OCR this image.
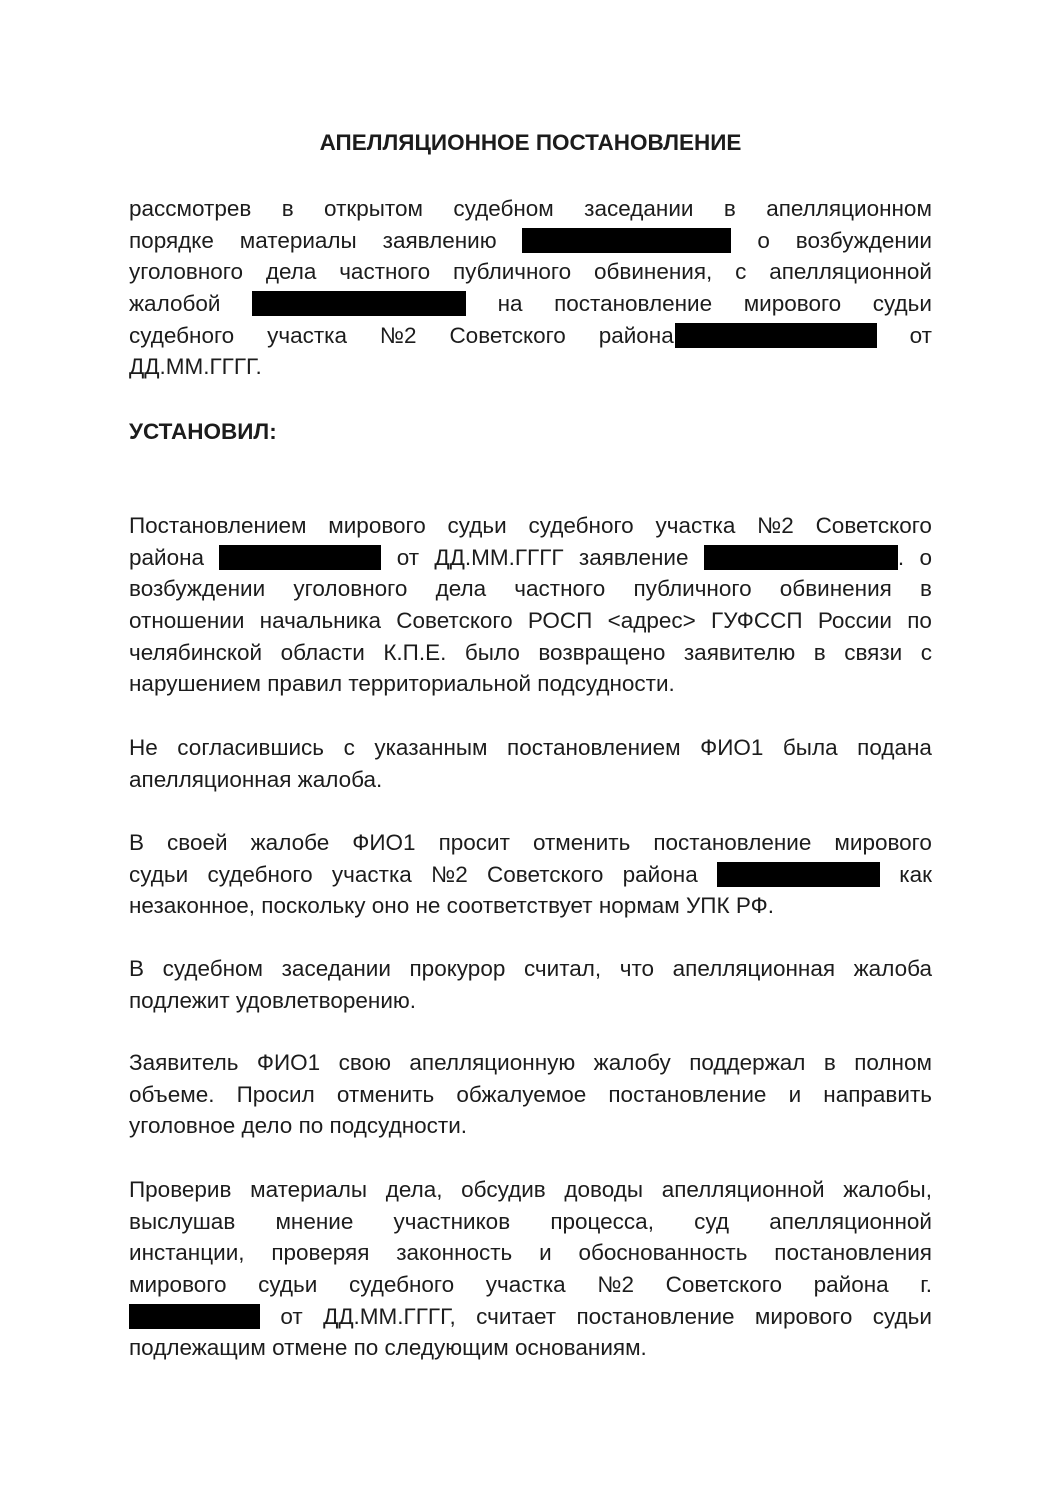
АПЕЛЛЯЦИОННОЕ ПОСТАНОВЛЕНИЕ
рассмотрев в открытом судебном заседании в апелляционном
порядке материалы заявлению	о возбуждении
уголовного дела частного публичного обвинения, с апелляционной
жалобой	на постановление мирового судьи
судебного участка №2 Советского района	от
ДД.ММ.ГГГГ.
УСТАНОВИЛ:
Постановлением мирового судьи судебного участка №2 Советского
района	от ДД.ММ.ГГГГ заявление	. о
возбуждении уголовного дела частного публичного обвинения в
отношении начальника Советского РОСП <адрес> ГУФССП России по
челябинской области К.П.Е. было возвращено заявителю в связи с
нарушением правил территориальной подсудности.
Не согласившись с указанным постановлением ФИО1 была подана
апелляционная жалоба.
В своей жалобе ФИО1 просит отменить постановление мирового
судьи судебного участка №2 Советского района	как
незаконное, поскольку оно не соответствует нормам УПК РФ.
В судебном заседании прокурор считал, что апелляционная жалоба
подлежит удовлетворению.
Заявитель ФИО1 свою апелляционную жалобу поддержал в полном
объеме. Просил отменить обжалуемое постановление и направить
уголовное дело по подсудности.
Проверив материалы дела, обсудив доводы апелляционной жалобы,
выслушав мнение участников процесса, суд апелляционной
инстанции, проверяя законность и обоснованность постановления
мирового судьи судебного участка №2 Советского района г.
от ДД.ММ.ГГГГ, считает постановление мирового судьи
подлежащим отмене по следующим основаниям.
